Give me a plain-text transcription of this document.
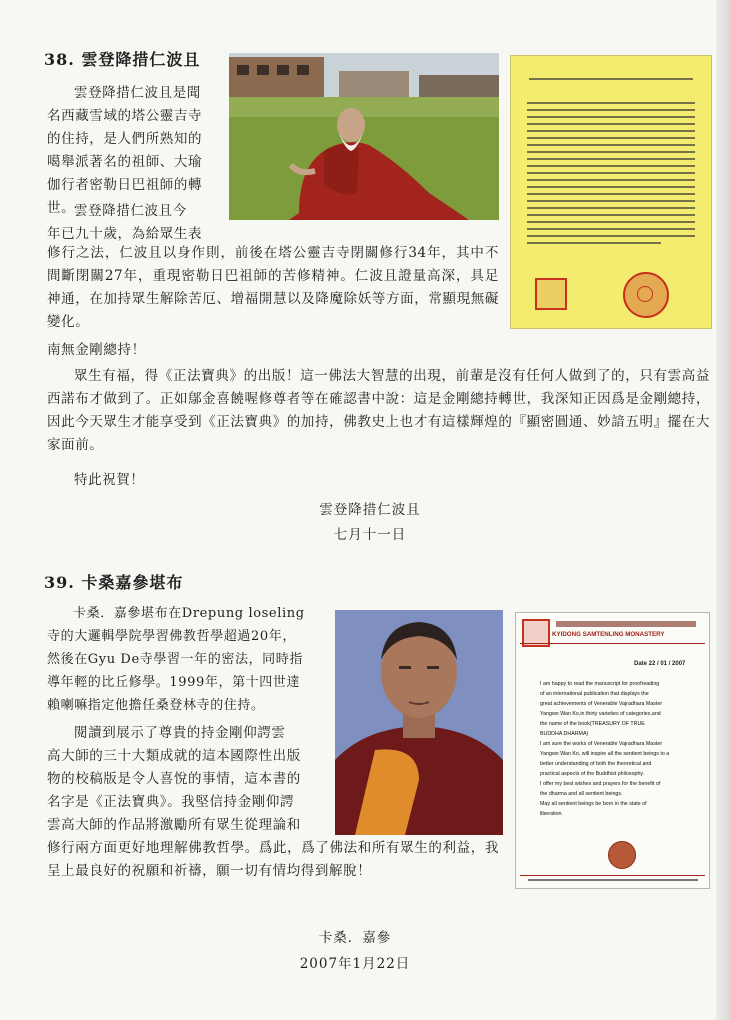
38. 雲登降措仁波且
雲登降措仁波且是聞
名西藏雪域的塔公靈吉寺
的住持，是人們所熟知的
噶舉派著名的祖師、大瑜
伽行者密勒日巴祖師的轉
世。
雲登降措仁波且今
年已九十歲，為給眾生表

修行之法，仁波且以身作則，前後在塔公靈吉寺閉關修行34年，其中不間斷閉關27年，重現密勒日巴祖師的苦修精神。仁波且證量高深，具足神通，在加持眾生解除苦厄、增福開慧以及降魔除妖等方面，常顯現無礙變化。

南無金剛總持！

眾生有福，得《正法寶典》的出版！這一佛法大智慧的出現，前輩是沒有任何人做到了的，只有雲高益西諾布才做到了。正如鄔金喜饒喔修尊者等在確認書中說：這是金剛總持轉世，我深知正因爲是金剛總持，因此今天眾生才能享受到《正法寶典》的加持，佛教史上也才有這樣輝煌的『顯密圓通、妙諳五明』擺在大家面前。

特此祝賀！
雲登降措仁波且
七月十一日
39. 卡桑嘉參堪布
卡桑．嘉參堪布在Drepung loseling
寺的大邏輯學院學習佛教哲學超過20年，
然後在Gyu De寺學習一年的密法，同時指
導年輕的比丘修學。1999年，第十四世達
賴喇嘛指定他擔任桑登林寺的住持。
閱讀到展示了尊貴的持金剛仰諤雲
高大師的三十大類成就的這本國際性出版
物的校稿版是令人喜悅的事情，這本書的
名字是《正法寶典》。我堅信持金剛仰諤
雲高大師的作品將激勵所有眾生從理論和

修行兩方面更好地理解佛教哲學。爲此，爲了佛法和所有眾生的利益，我呈上最良好的祝願和祈禱，願一切有情均得到解脫！

KYIDONG SAMTENLING MONASTERY
Date 22 / 01 / 2007
I am happy to read the manuscript for proofreading
of an international publication that displays the
great achievements of Venerable Vajradhara Master
Yangwo Wan Ko,in thirty varieties of categories,and
the name of the book(TREASURY OF TRUE
BUDDHA DHARMA)
I am sure the works of Venerable Vajradhara Master
Yangwo Wan Ko, will inspire all the sentient beings to a
better understanding of both the theoretical and
practical aspects of the Buddhist philosophy.
I offer my best wishes and prayers for the benefit of
the dharma and all sentient beings.
May all sentient beings be born in the state of
liberation.
卡桑．嘉參
2007年1月22日
